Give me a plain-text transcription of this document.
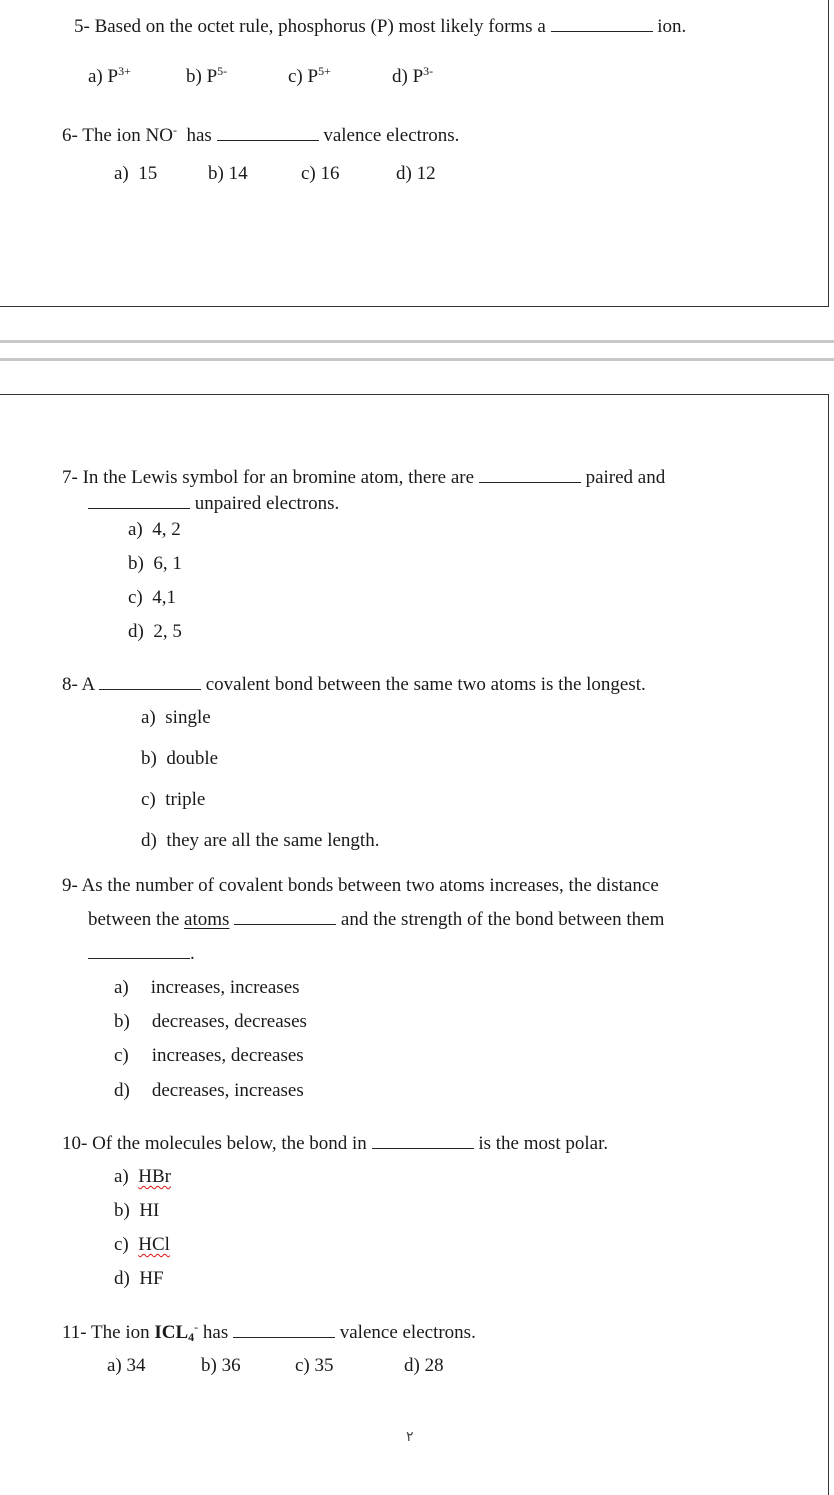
5- Based on the octet rule, phosphorus (P) most likely forms a	ion.
a) $P^{3+}$	b) $P^{5-}$	c) $P^{5+}$	d) $P^{3-}$
6- The ion NO- has	valence electrons.
a) 15	b) 14	c) 16	d) 12
7- In the Lewis symbol for an bromine atom, there are	paired and
unpaired electrons.
a) 4, 2
b) 6, 1
c) 4,1
d) 2, 5
8- A	covalent bond between the same two atoms is the longest.
a) single
b) double
c) triple
d) they are all the same length.
9- As the number of covalent bonds between two atoms increases, the distance
between the atoms	and the strength of the bond between them
.
a) increases, increases
b) decreases, decreases
c) increases, decreases
d) decreases, increases
10- Of the molecules below, the bond in	is the most polar.
a) HBr
b) HI
c) HCl
d) HF
11- The ion $ICL_4^-$ has	valence electrons.
a) 34	b) 36	c) 35	d) 28
٢
